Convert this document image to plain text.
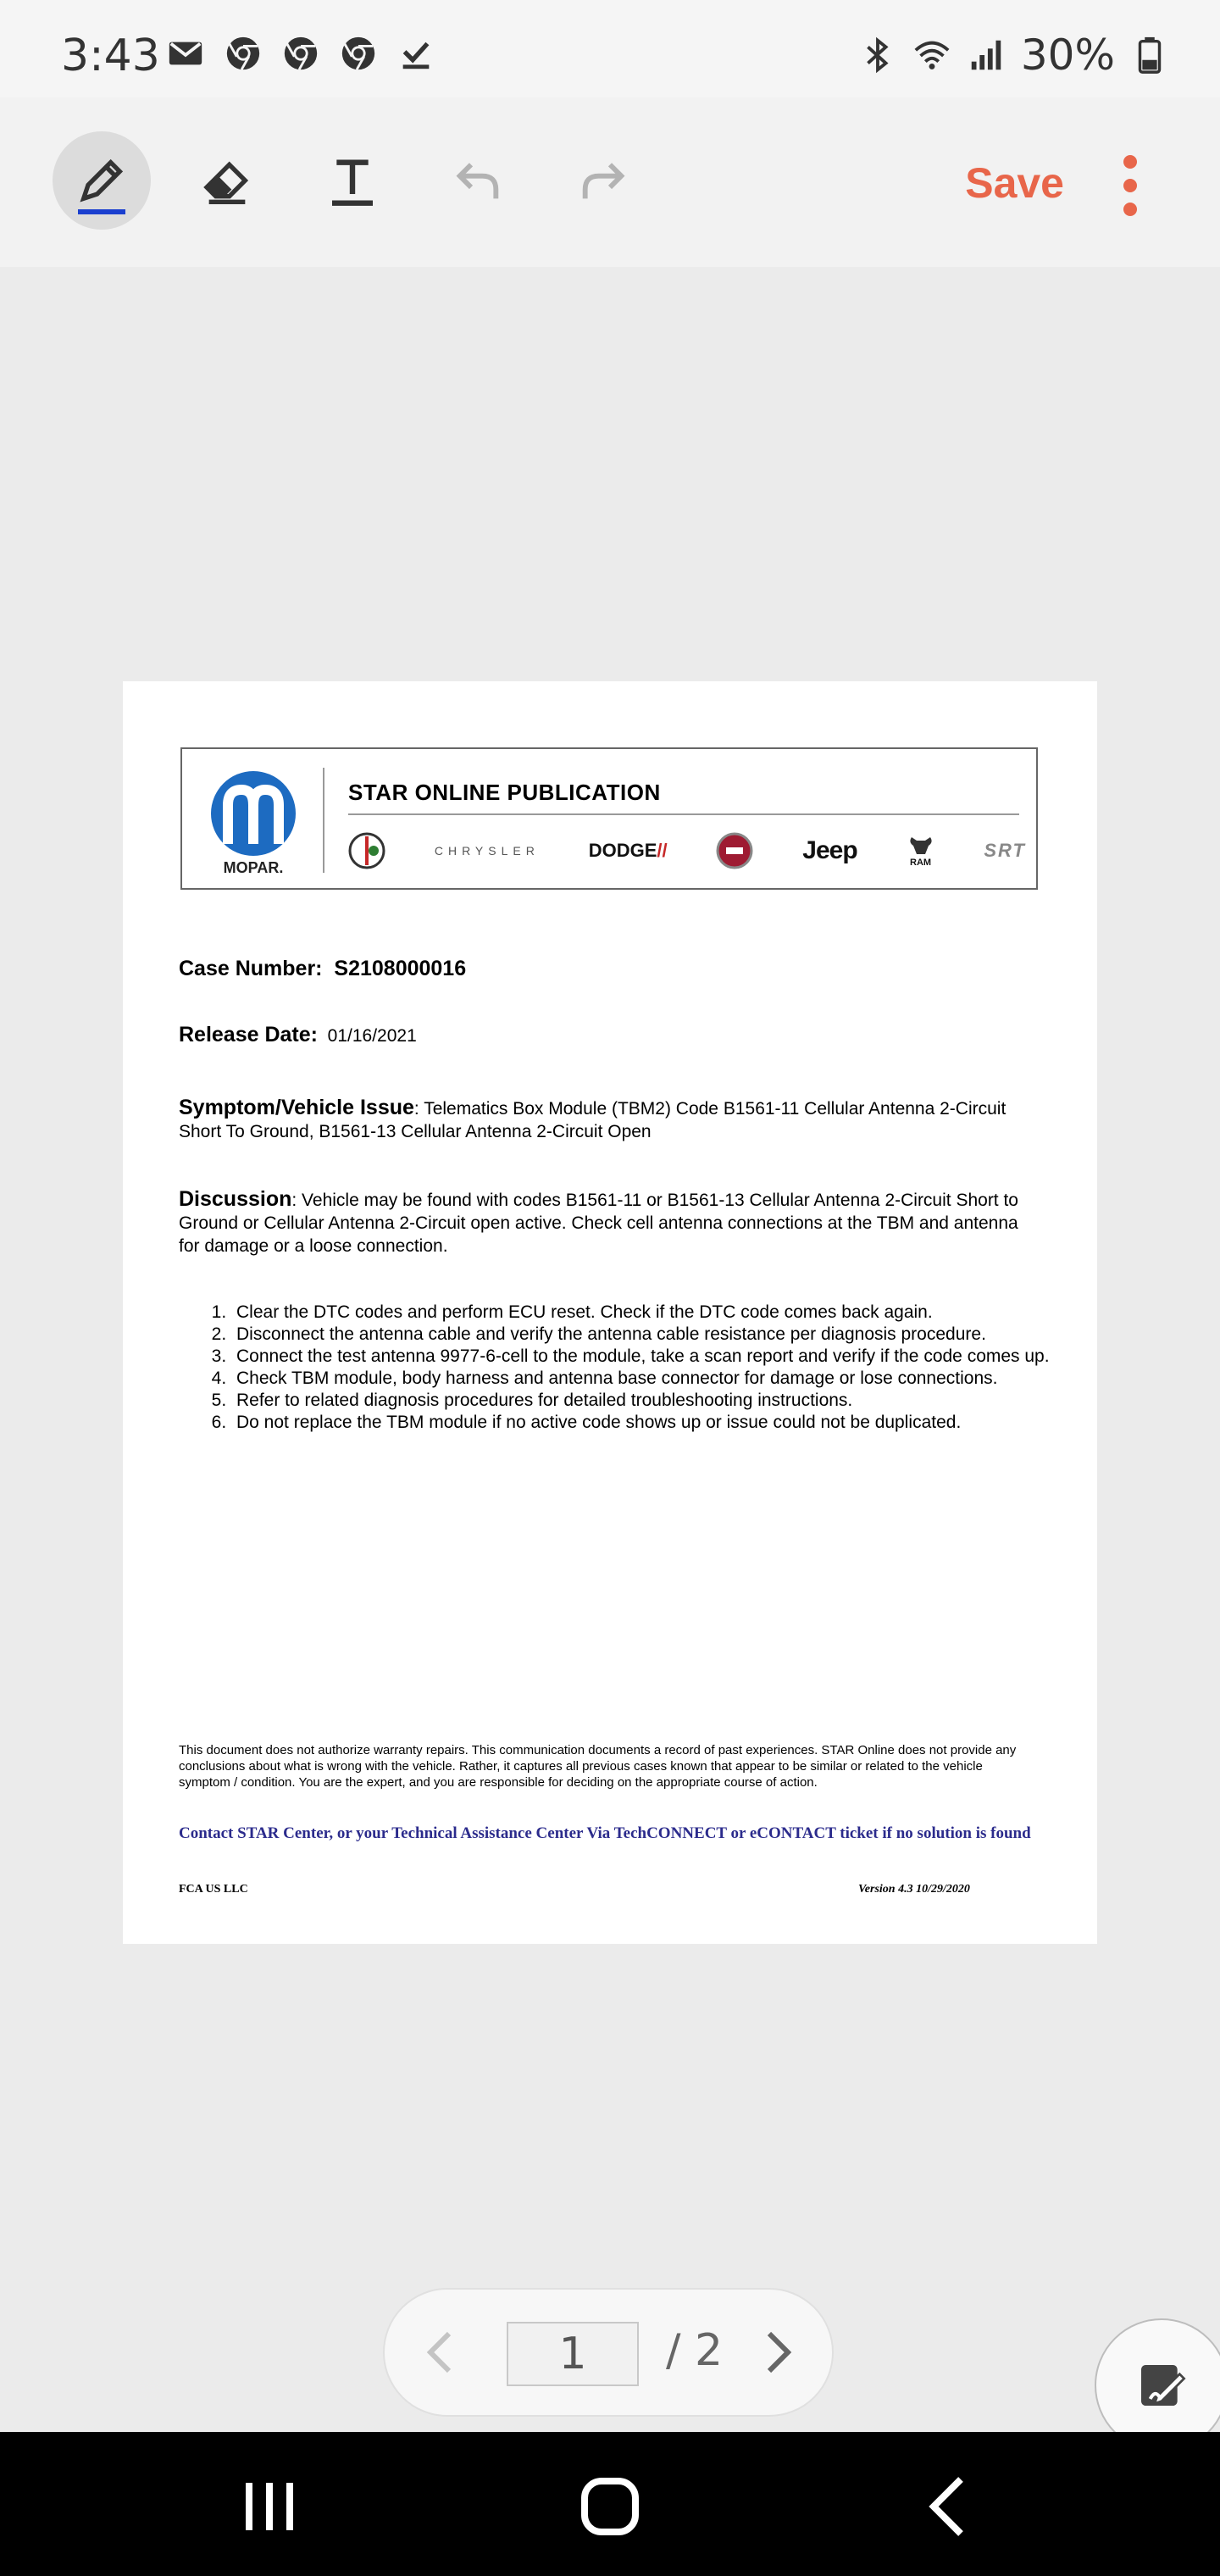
3:43	30%
Save
MOPAR.
STAR ONLINE PUBLICATION
CHRYSLER	DODGE//	Jeep	RAM
SRT
Case Number: S2108000016
Release Date: 01/16/2021
Symptom/Vehicle Issue: Telematics Box Module (TBM2) Code B1561-11 Cellular Antenna 2-Circuit Short To Ground, B1561-13 Cellular Antenna 2-Circuit Open
Discussion: Vehicle may be found with codes B1561-11 or B1561-13 Cellular Antenna 2-Circuit Short to Ground or Cellular Antenna 2-Circuit open active. Check cell antenna connections at the TBM and antenna for damage or a loose connection.
1. Clear the DTC codes and perform ECU reset. Check if the DTC code comes back again.
2. Disconnect the antenna cable and verify the antenna cable resistance per diagnosis procedure.
3. Connect the test antenna 9977-6-cell to the module, take a scan report and verify if the code comes up.
4. Check TBM module, body harness and antenna base connector for damage or lose connections.
5. Refer to related diagnosis procedures for detailed troubleshooting instructions.
6. Do not replace the TBM module if no active code shows up or issue could not be duplicated.
This document does not authorize warranty repairs. This communication documents a record of past experiences. STAR Online does not provide any conclusions about what is wrong with the vehicle. Rather, it captures all previous cases known that appear to be similar or related to the vehicle symptom / condition. You are the expert, and you are responsible for deciding on the appropriate course of action.
Contact STAR Center, or your Technical Assistance Center Via TechCONNECT or eCONTACT ticket if no solution is found
FCA US LLC	Version 4.3 10/29/2020
1	/ 2
